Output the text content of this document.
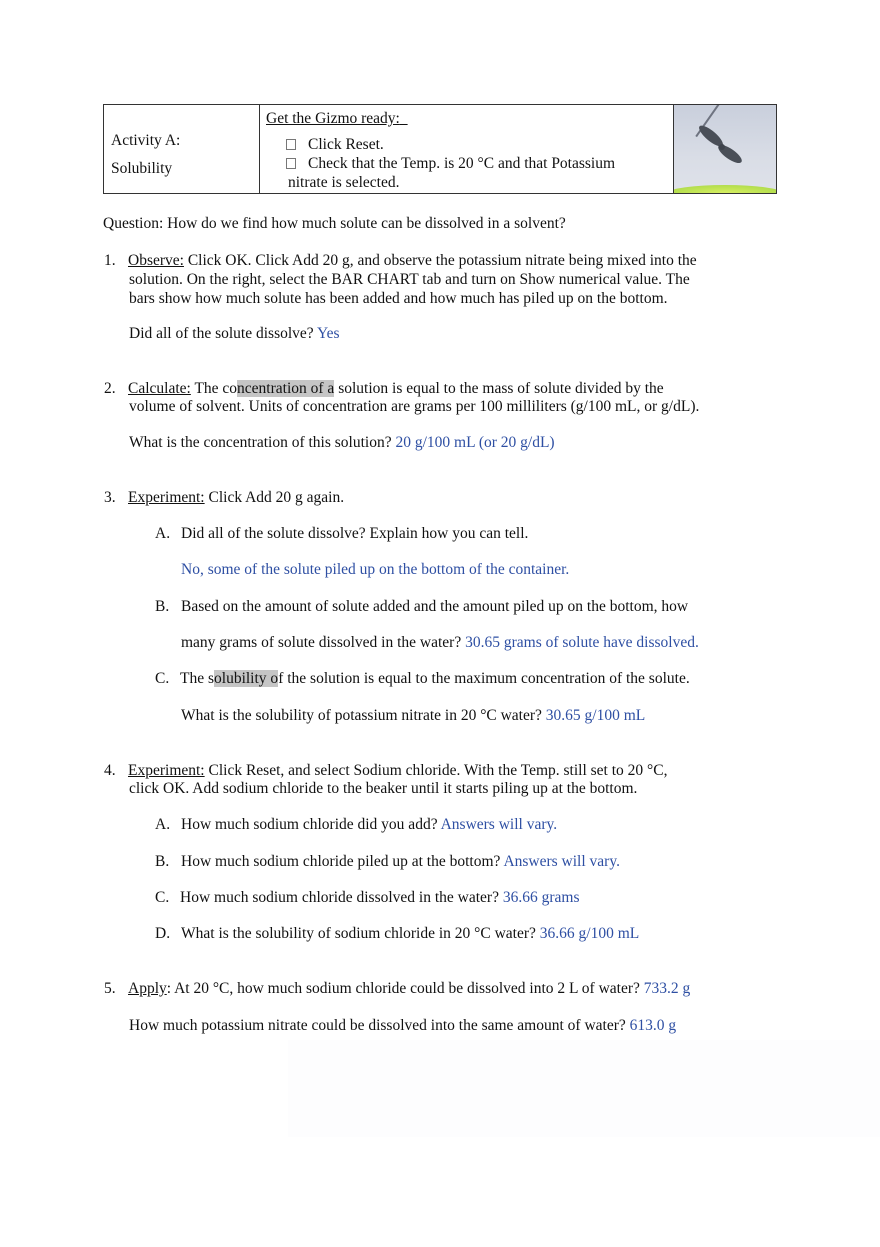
Activity A:
Solubility
Get the Gizmo ready:
Click Reset.
Check that the Temp. is 20 °C and that Potassium
nitrate is selected.
Question: How do we find how much solute can be dissolved in a solvent?
1. Observe: Click OK. Click Add 20 g, and observe the potassium nitrate being mixed into the
solution. On the right, select the BAR CHART tab and turn on Show numerical value. The
bars show how much solute has been added and how much has piled up on the bottom.
Did all of the solute dissolve? Yes
2. Calculate: The concentration of a solution is equal to the mass of solute divided by the
volume of solvent. Units of concentration are grams per 100 milliliters (g/100 mL, or g/dL).
What is the concentration of this solution? 20 g/100 mL (or 20 g/dL)
3. Experiment: Click Add 20 g again.
A. Did all of the solute dissolve? Explain how you can tell.
No, some of the solute piled up on the bottom of the container.
B. Based on the amount of solute added and the amount piled up on the bottom, how
many grams of solute dissolved in the water? 30.65 grams of solute have dissolved.
C. The solubility of the solution is equal to the maximum concentration of the solute.
What is the solubility of potassium nitrate in 20 °C water? 30.65 g/100 mL
4. Experiment: Click Reset, and select Sodium chloride. With the Temp. still set to 20 °C,
click OK. Add sodium chloride to the beaker until it starts piling up at the bottom.
A. How much sodium chloride did you add? Answers will vary.
B. How much sodium chloride piled up at the bottom? Answers will vary.
C. How much sodium chloride dissolved in the water? 36.66 grams
D. What is the solubility of sodium chloride in 20 °C water? 36.66 g/100 mL
5. Apply: At 20 °C, how much sodium chloride could be dissolved into 2 L of water? 733.2 g
How much potassium nitrate could be dissolved into the same amount of water? 613.0 g
